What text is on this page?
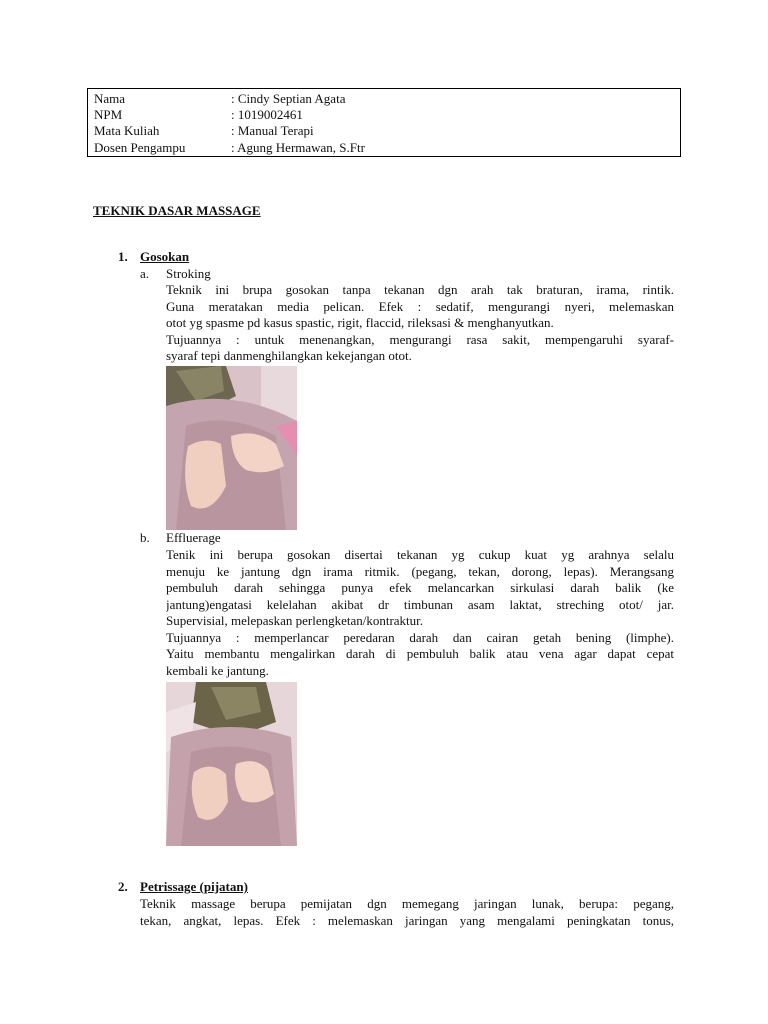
Nama	: Cindy Septian Agata
NPM	: 1019002461
Mata Kuliah	: Manual Terapi
Dosen Pengampu	: Agung Hermawan, S.Ftr
TEKNIK DASAR MASSAGE
1. Gosokan
a. Stroking
Teknik ini brupa gosokan tanpa tekanan dgn arah tak braturan, irama, rintik.
Guna meratakan media pelican. Efek : sedatif, mengurangi nyeri, melemaskan
otot yg spasme pd kasus spastic, rigit, flaccid, rileksasi & menghanyutkan.
Tujuannya : untuk menenangkan, mengurangi rasa sakit, mempengaruhi syaraf-
syaraf tepi danmenghilangkan kekejangan otot.
b. Effluerage
Tenik ini berupa gosokan disertai tekanan yg cukup kuat yg arahnya selalu
menuju ke jantung dgn irama ritmik. (pegang, tekan, dorong, lepas). Merangsang
pembuluh darah sehingga punya efek melancarkan sirkulasi darah balik (ke
jantung)engatasi kelelahan akibat dr timbunan asam laktat, streching otot/ jar.
Supervisial, melepaskan perlengketan/kontraktur.
Tujuannya : memperlancar peredaran darah dan cairan getah bening (limphe).
Yaitu membantu mengalirkan darah di pembuluh balik atau vena agar dapat cepat
kembali ke jantung.
2. Petrissage (pijatan)
Teknik massage berupa pemijatan dgn memegang jaringan lunak, berupa: pegang,
tekan, angkat, lepas. Efek : melemaskan jaringan yang mengalami peningkatan tonus,
